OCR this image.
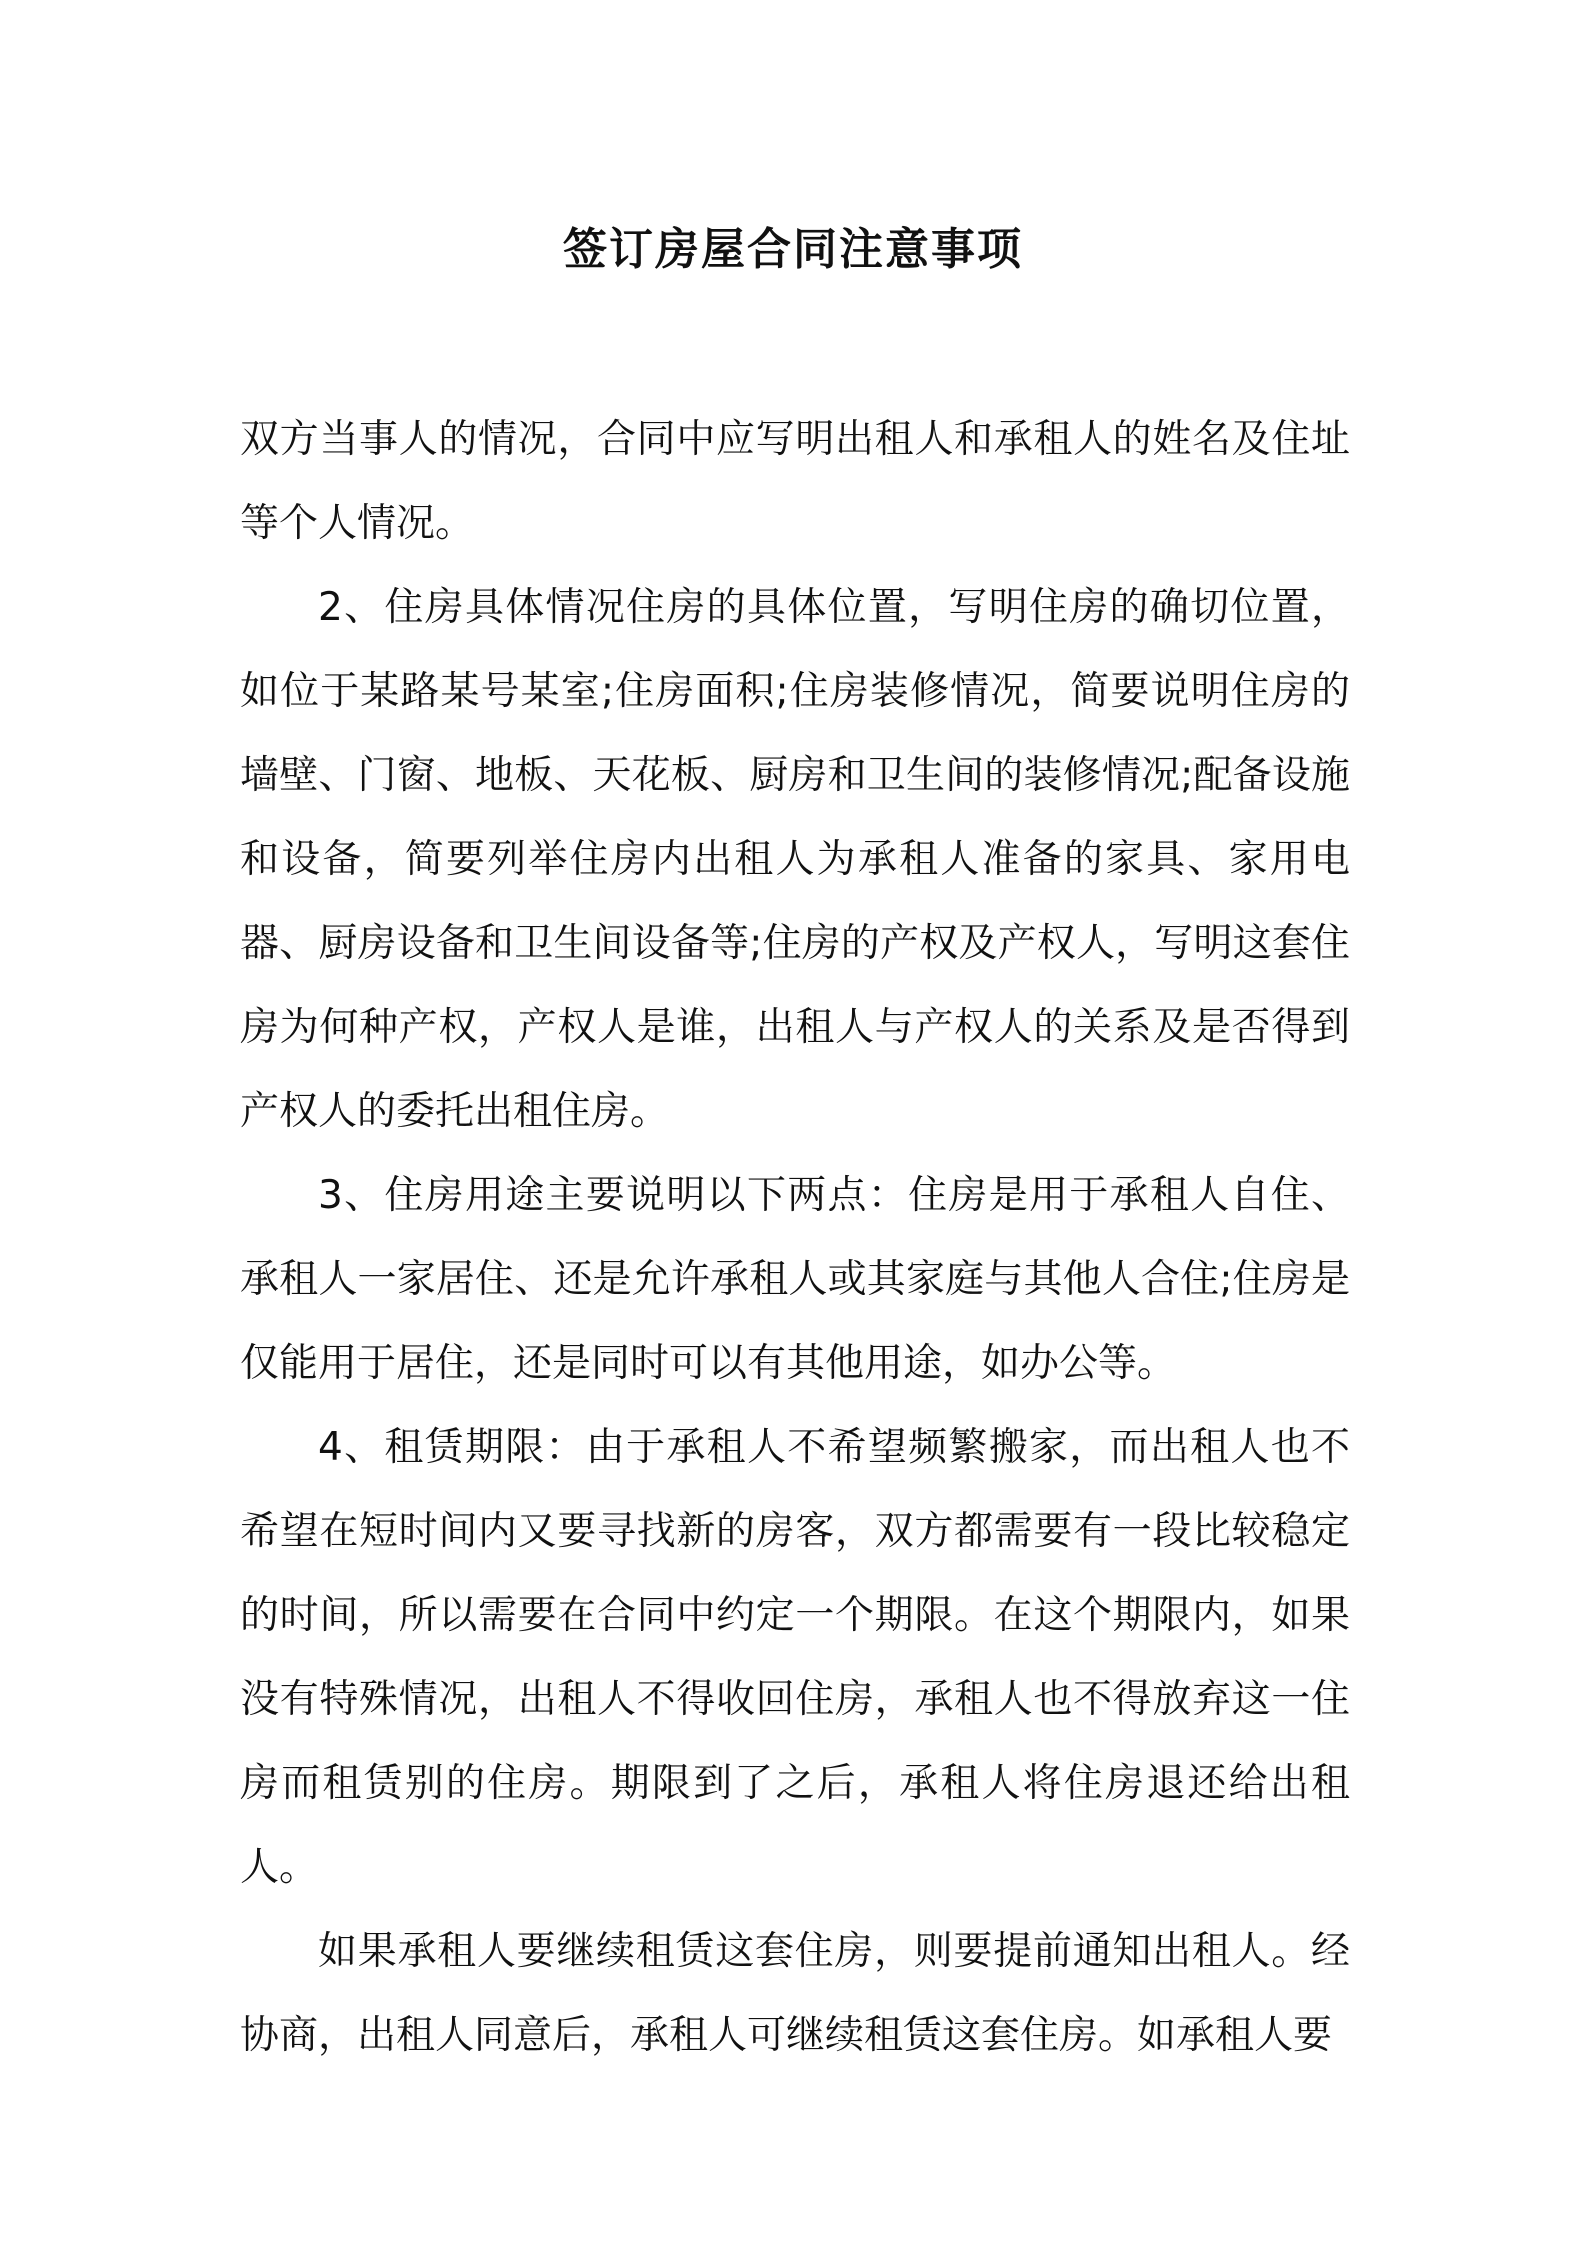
签订房屋合同注意事项

双方当事人的情况，合同中应写明出租人和承租人的姓名及住址等个人情况。

2、住房具体情况住房的具体位置，写明住房的确切位置，如位于某路某号某室;住房面积;住房装修情况，简要说明住房的墙壁、门窗、地板、天花板、厨房和卫生间的装修情况;配备设施和设备，简要列举住房内出租人为承租人准备的家具、家用电器、厨房设备和卫生间设备等;住房的产权及产权人，写明这套住房为何种产权，产权人是谁，出租人与产权人的关系及是否得到产权人的委托出租住房。

3、住房用途主要说明以下两点：住房是用于承租人自住、承租人一家居住、还是允许承租人或其家庭与其他人合住;住房是仅能用于居住，还是同时可以有其他用途，如办公等。

4、租赁期限：由于承租人不希望频繁搬家，而出租人也不希望在短时间内又要寻找新的房客，双方都需要有一段比较稳定的时间，所以需要在合同中约定一个期限。在这个期限内，如果没有特殊情况，出租人不得收回住房，承租人也不得放弃这一住房而租赁别的住房。期限到了之后，承租人将住房退还给出租人。

如果承租人要继续租赁这套住房，则要提前通知出租人。经协商，出租人同意后，承租人可继续租赁这套住房。如承租人要
